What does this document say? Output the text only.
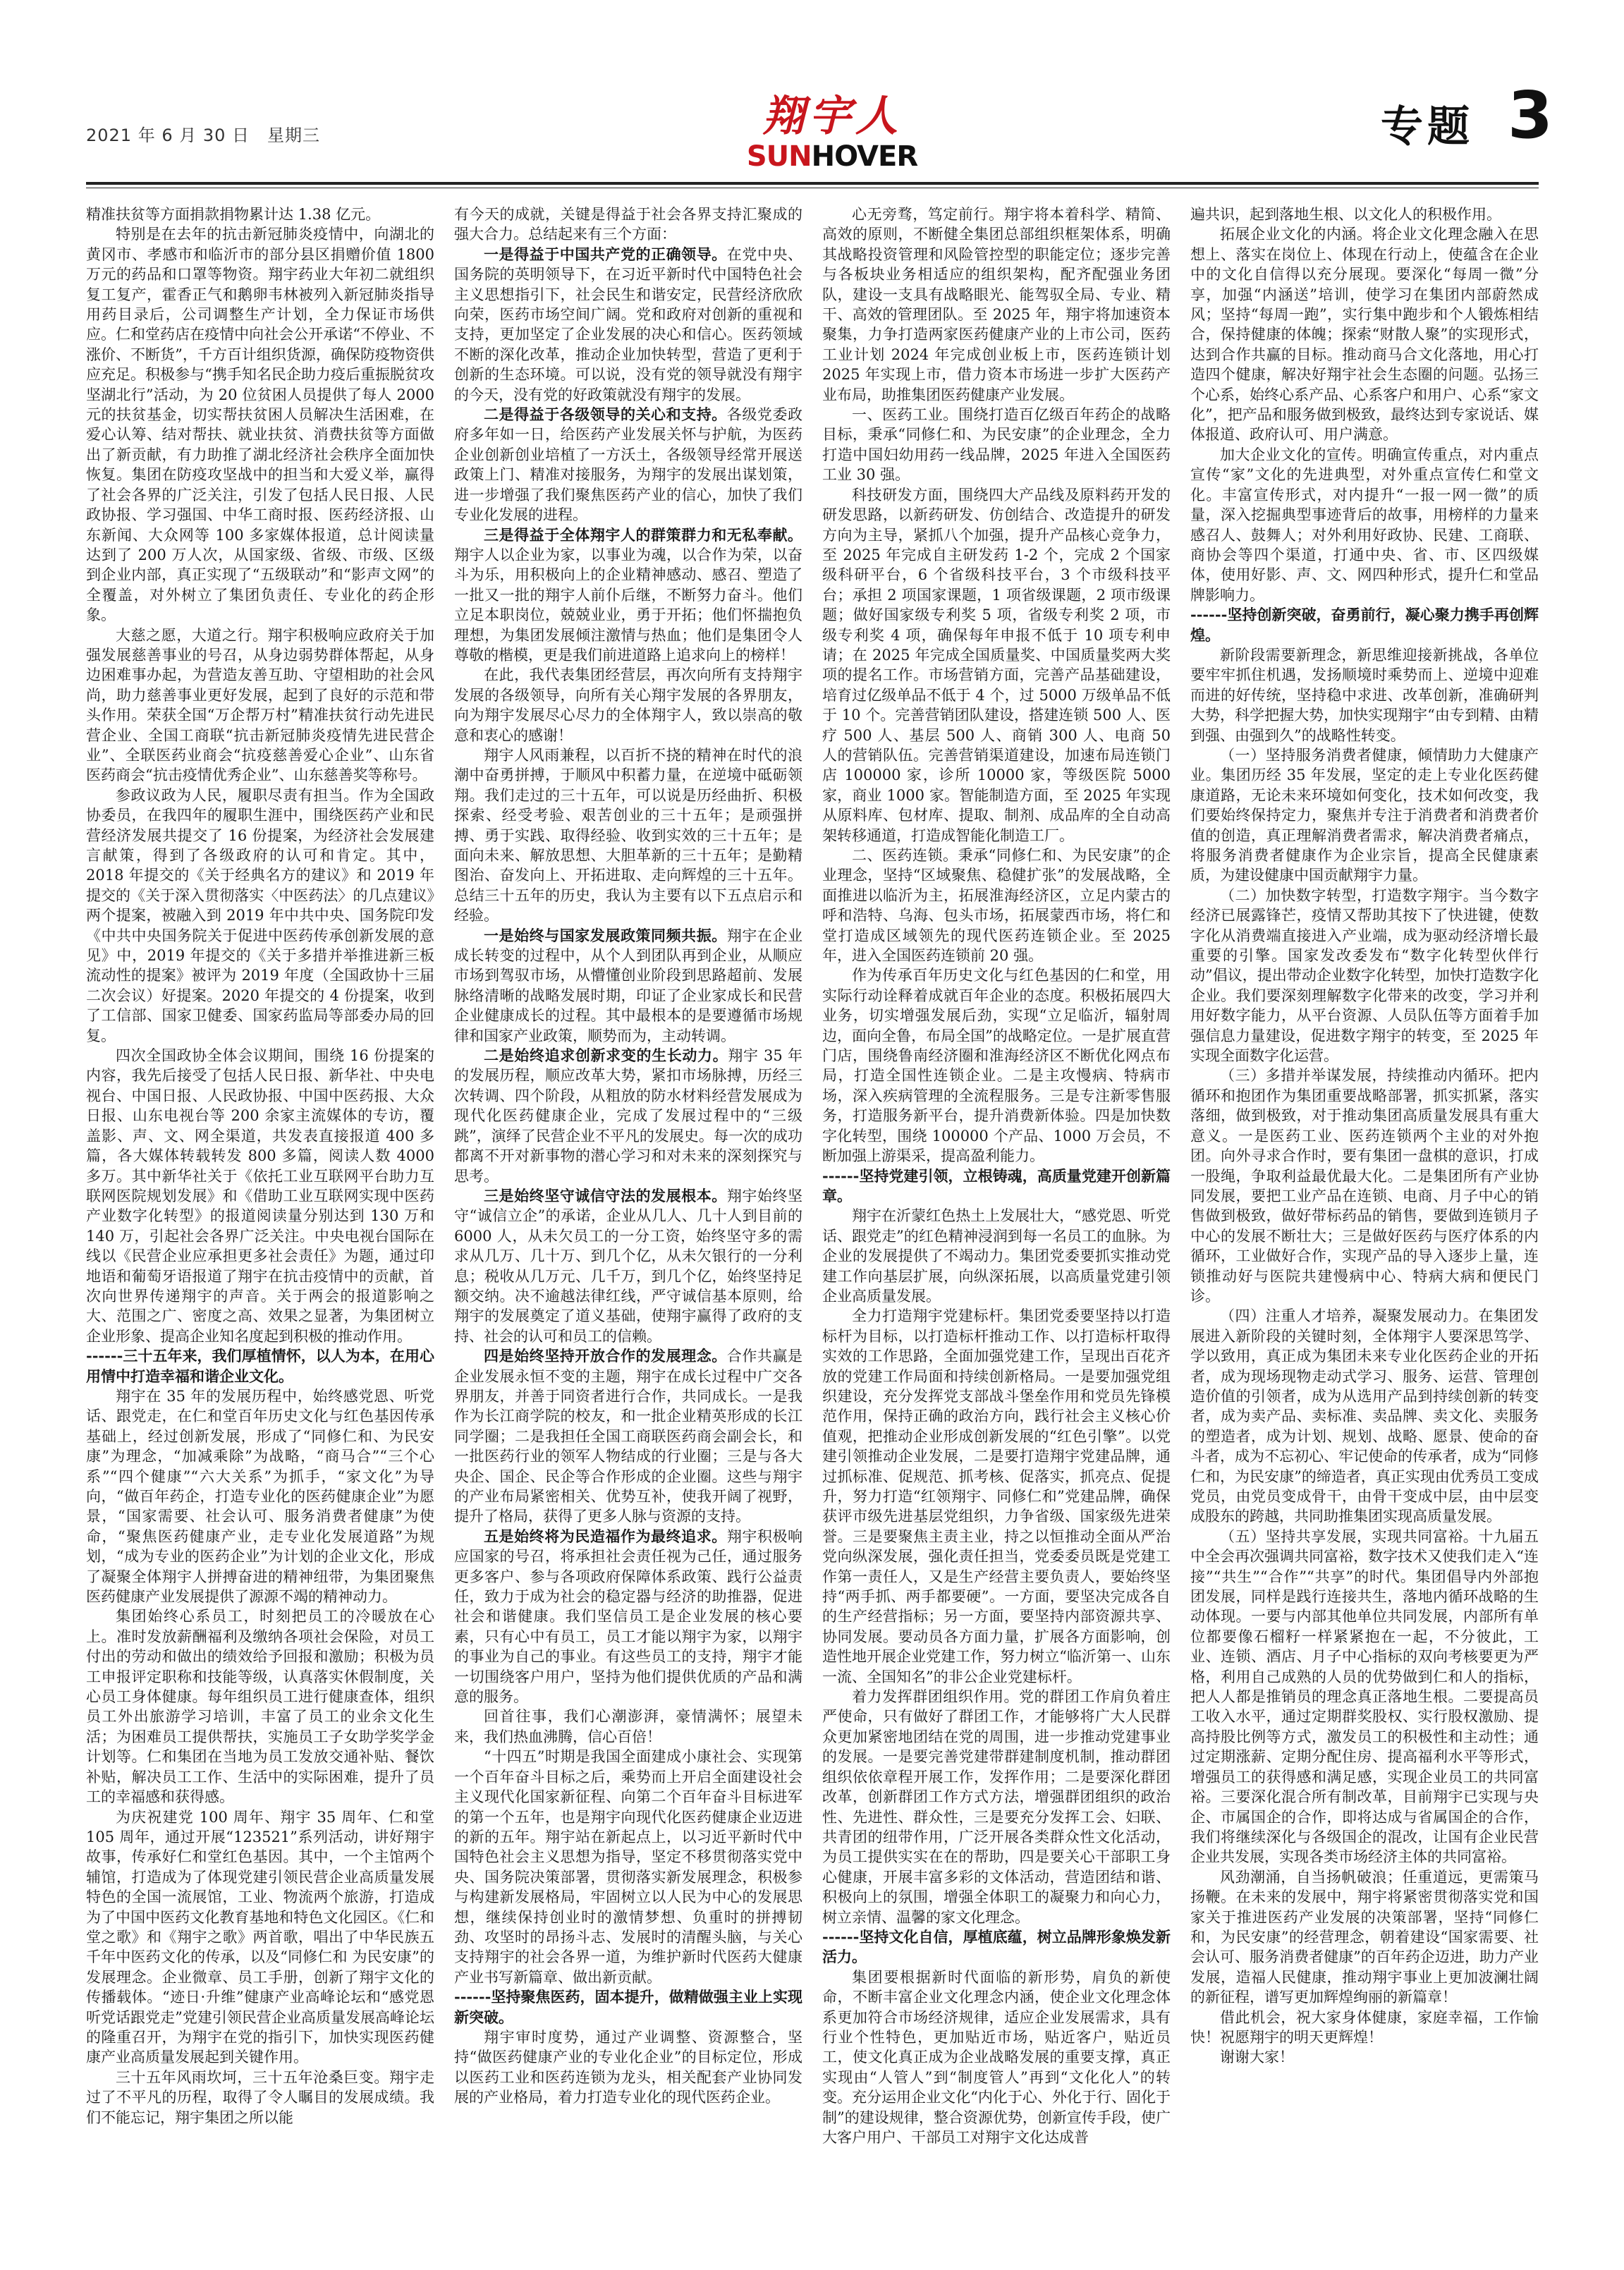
2021 年 6 月 30 日　星期三	翔宇人
SUNHOVER
专题 3

精准扶贫等方面捐款捐物累计达 1.38 亿元。

特别是在去年的抗击新冠肺炎疫情中，向湖北的黄冈市、孝感市和临沂市的部分县区捐赠价值 1800 万元的药品和口罩等物资。翔宇药业大年初二就组织复工复产，霍香正气和鹅卵韦林被列入新冠肺炎指导用药目录后，公司调整生产计划，全力保证市场供应。仁和堂药店在疫情中向社会公开承诺“不停业、不涨价、不断货”，千方百计组织货源，确保防疫物资供应充足。积极参与“携手知名民企助力疫后重振脱贫攻坚湖北行”活动，为 20 位贫困人员提供了每人 2000 元的扶贫基金，切实帮扶贫困人员解决生活困难，在爱心认筹、结对帮扶、就业扶贫、消费扶贫等方面做出了新贡献，有力助推了湖北经济社会秩序全面加快恢复。集团在防疫攻坚战中的担当和大爱义举，赢得了社会各界的广泛关注，引发了包括人民日报、人民政协报、学习强国、中华工商时报、医药经济报、山东新闻、大众网等 100 多家媒体报道，总计阅读量达到了 200 万人次，从国家级、省级、市级、区级到企业内部，真正实现了“五级联动”和“影声文网”的全覆盖，对外树立了集团负责任、专业化的药企形象。

大慈之愿，大道之行。翔宇积极响应政府关于加强发展慈善事业的号召，从身边弱势群体帮起，从身边困难事办起，为营造友善互助、守望相助的社会风尚，助力慈善事业更好发展，起到了良好的示范和带头作用。荣获全国“万企帮万村”精准扶贫行动先进民营企业、全国工商联“抗击新冠肺炎疫情先进民营企业”、全联医药业商会“抗疫慈善爱心企业”、山东省医药商会“抗击疫情优秀企业”、山东慈善奖等称号。

参政议政为人民，履职尽责有担当。作为全国政协委员，在我四年的履职生涯中，围绕医药产业和民营经济发展共提交了 16 份提案，为经济社会发展建言献策，得到了各级政府的认可和肯定。其中，2018 年提交的《关于经典名方的建议》和 2019 年提交的《关于深入贯彻落实〈中医药法〉的几点建议》两个提案，被融入到 2019 年中共中央、国务院印发《中共中央国务院关于促进中医药传承创新发展的意见》中，2019 年提交的《关于多措并举推进新三板流动性的提案》被评为 2019 年度（全国政协十三届二次会议）好提案。2020 年提交的 4 份提案，收到了工信部、国家卫健委、国家药监局等部委办局的回复。

四次全国政协全体会议期间，围绕 16 份提案的内容，我先后接受了包括人民日报、新华社、中央电视台、中国日报、人民政协报、中国中医药报、大众日报、山东电视台等 200 余家主流媒体的专访，覆盖影、声、文、网全渠道，共发表直接报道 400 多篇，各大媒体转载转发 800 多篇，阅读人数 4000 多万。其中新华社关于《依托工业互联网平台助力互联网医院规划发展》和《借助工业互联网实现中医药产业数字化转型》的报道阅读量分别达到 130 万和 140 万，引起社会各界广泛关注。中央电视台国际在线以《民营企业应承担更多社会责任》为题，通过印地语和葡萄牙语报道了翔宇在抗击疫情中的贡献，首次向世界传递翔宇的声音。关于两会的报道影响之大、范围之广、密度之高、效果之显著，为集团树立企业形象、提高企业知名度起到积极的推动作用。

------三十五年来，我们厚植情怀，以人为本，在用心用情中打造幸福和谐企业文化。

翔宇在 35 年的发展历程中，始终感党恩、听党话、跟党走，在仁和堂百年历史文化与红色基因传承基础上，经过创新发展，形成了“同修仁和、为民安康”为理念，“加减乘除”为战略，“商马合”“三个心系”“四个健康”“六大关系”为抓手，“家文化”为导向，“做百年药企，打造专业化的医药健康企业”为愿景，“国家需要、社会认可、服务消费者健康”为使命，“聚焦医药健康产业，走专业化发展道路”为规划，“成为专业的医药企业”为计划的企业文化，形成了凝聚全体翔宇人拼搏奋进的精神纽带，为集团聚焦医药健康产业发展提供了源源不竭的精神动力。

集团始终心系员工，时刻把员工的冷暖放在心上。准时发放薪酬福利及缴纳各项社会保险，对员工付出的劳动和做出的绩效给予回报和激励；积极为员工申报评定职称和技能等级，认真落实休假制度，关心员工身体健康。每年组织员工进行健康查体，组织员工外出旅游学习培训，丰富了员工的业余文化生活；为困难员工提供帮扶，实施员工子女助学奖学金计划等。仁和集团在当地为员工发放交通补贴、餐饮补贴，解决员工工作、生活中的实际困难，提升了员工的幸福感和获得感。

为庆祝建党 100 周年、翔宇 35 周年、仁和堂 105 周年，通过开展“123521”系列活动，讲好翔宇故事，传承好仁和堂红色基因。其中，一个主馆两个辅馆，打造成为了体现党建引领民营企业高质量发展特色的全国一流展馆，工业、物流两个旅游，打造成为了中国中医药文化教育基地和特色文化园区。《仁和堂之歌》和《翔宇之歌》两首歌，唱出了中华民族五千年中医药文化的传承，以及“同修仁和 为民安康”的发展理念。企业微章、员工手册，创新了翔宇文化的传播载体。“迹日·升维”健康产业高峰论坛和“感党恩听党话跟党走”党建引领民营企业高质量发展高峰论坛的隆重召开，为翔宇在党的指引下，加快实现医药健康产业高质量发展起到关键作用。

三十五年风雨坎坷，三十五年沧桑巨变。翔宇走过了不平凡的历程，取得了令人瞩目的发展成绩。我们不能忘记，翔宇集团之所以能

有今天的成就，关键是得益于社会各界支持汇聚成的强大合力。总结起来有三个方面：

一是得益于中国共产党的正确领导。在党中央、国务院的英明领导下，在习近平新时代中国特色社会主义思想指引下，社会民生和谐安定，民营经济欣欣向荣，医药市场空间广阔。党和政府对创新的重视和支持，更加坚定了企业发展的决心和信心。医药领域不断的深化改革，推动企业加快转型，营造了更利于创新的生态环境。可以说，没有党的领导就没有翔宇的今天，没有党的好政策就没有翔宇的发展。

二是得益于各级领导的关心和支持。各级党委政府多年如一日，给医药产业发展关怀与护航，为医药企业创新创业培植了一方沃土，各级领导经常开展送政策上门、精准对接服务，为翔宇的发展出谋划策，进一步增强了我们聚焦医药产业的信心，加快了我们专业化发展的进程。

三是得益于全体翔宇人的群策群力和无私奉献。翔宇人以企业为家，以事业为魂，以合作为荣，以奋斗为乐，用积极向上的企业精神感动、感召、塑造了一批又一批的翔宇人前仆后继，不断努力奋斗。他们立足本职岗位，兢兢业业，勇于开拓；他们怀揣抱负理想，为集团发展倾注激情与热血；他们是集团令人尊敬的楷模，更是我们前进道路上追求向上的榜样！

在此，我代表集团经营层，再次向所有支持翔宇发展的各级领导，向所有关心翔宇发展的各界朋友，向为翔宇发展尽心尽力的全体翔宇人，致以崇高的敬意和衷心的感谢！

翔宇人风雨兼程，以百折不挠的精神在时代的浪潮中奋勇拼搏，于顺风中积蓄力量，在逆境中砥砺领翔。我们走过的三十五年，可以说是历经曲折、积极探索、经受考验、艰苦创业的三十五年；是顽强拼搏、勇于实践、取得经验、收到实效的三十五年；是面向未来、解放思想、大胆革新的三十五年；是勤精图治、奋发向上、开拓进取、走向辉煌的三十五年。总结三十五年的历史，我认为主要有以下五点启示和经验。

一是始终与国家发展政策同频共振。翔宇在企业成长转变的过程中，从个人到团队再到企业，从顺应市场到驾驭市场，从懵懂创业阶段到思路超前、发展脉络清晰的战略发展时期，印证了企业家成长和民营企业健康成长的过程。其中最根本的是要遵循市场规律和国家产业政策，顺势而为，主动转调。

二是始终追求创新求变的生长动力。翔宇 35 年的发展历程，顺应改革大势，紧扣市场脉搏，历经三次转调、四个阶段，从粗放的防水材料经营发展成为现代化医药健康企业，完成了发展过程中的“三级跳”，演绎了民营企业不平凡的发展史。每一次的成功都离不开对新事物的潜心学习和对未来的深刻探究与思考。

三是始终坚守诚信守法的发展根本。翔宇始终坚守“诚信立企”的承诺，企业从几人、几十人到目前的 6000 人，从未欠员工的一分工资，始终坚守多的需求从几万、几十万、到几个亿，从未欠银行的一分利息；税收从几万元、几千万，到几个亿，始终坚持足额交纳。决不逾越法律红线，严守诚信基本原则，给翔宇的发展奠定了道义基础，使翔宇赢得了政府的支持、社会的认可和员工的信赖。

四是始终坚持开放合作的发展理念。合作共赢是企业发展永恒不变的主题，翔宇在成长过程中广交各界朋友，并善于同资者进行合作，共同成长。一是我作为长江商学院的校友，和一批企业精英形成的长江同学圈；二是我担任全国工商联医药商会副会长，和一批医药行业的领军人物结成的行业圈；三是与各大央企、国企、民企等合作形成的企业圈。这些与翔宇的产业布局紧密相关、优势互补，使我开阔了视野，提升了格局，获得了更多人脉与资源的支持。

五是始终将为民造福作为最终追求。翔宇积极响应国家的号召，将承担社会责任视为己任，通过服务更多客户、参与各项政府保障体系政策、践行公益责任，致力于成为社会的稳定器与经济的助推器，促进社会和谐健康。我们坚信员工是企业发展的核心要素，只有心中有员工，员工才能以翔宇为家，以翔宇的事业为自己的事业。有这些员工的支持，翔宇才能一切围绕客户用户，坚持为他们提供优质的产品和满意的服务。

回首往事，我们心潮澎湃，豪情满怀；展望未来，我们热血沸腾，信心百倍！

“十四五”时期是我国全面建成小康社会、实现第一个百年奋斗目标之后，乘势而上开启全面建设社会主义现代化国家新征程、向第二个百年奋斗目标进军的第一个五年，也是翔宇向现代化医药健康企业迈进的新的五年。翔宇站在新起点上，以习近平新时代中国特色社会主义思想为指导，坚定不移贯彻落实党中央、国务院决策部署，贯彻落实新发展理念，积极参与构建新发展格局，牢固树立以人民为中心的发展思想，继续保持创业时的激情梦想、负重时的拼搏韧劲、攻坚时的昂扬斗志、发展时的清醒头脑，与关心支持翔宇的社会各界一道，为维护新时代医药大健康产业书写新篇章、做出新贡献。

------坚持聚焦医药，固本提升，做精做强主业上实现新突破。

翔宇审时度势，通过产业调整、资源整合，坚持“做医药健康产业的专业化企业”的目标定位，形成以医药工业和医药连锁为龙头，相关配套产业协同发展的产业格局，着力打造专业化的现代医药企业。

心无旁骛，笃定前行。翔宇将本着科学、精简、高效的原则，不断健全集团总部组织框架体系，明确其战略投资管理和风险管控型的职能定位；逐步完善与各板块业务相适应的组织架构，配齐配强业务团队，建设一支具有战略眼光、能驾驭全局、专业、精干、高效的管理团队。至 2025 年，翔宇将加速资本聚集，力争打造两家医药健康产业的上市公司，医药工业计划 2024 年完成创业板上市，医药连锁计划 2025 年实现上市，借力资本市场进一步扩大医药产业布局，助推集团医药健康产业发展。

一、医药工业。围绕打造百亿级百年药企的战略目标，秉承“同修仁和、为民安康”的企业理念，全力打造中国妇幼用药一线品牌，2025 年进入全国医药工业 30 强。

科技研发方面，围绕四大产品线及原料药开发的研发思路，以新药研发、仿创结合、改造提升的研发方向为主导，紧抓八个加强，提升产品核心竞争力，至 2025 年完成自主研发药 1-2 个，完成 2 个国家级科研平台，6 个省级科技平台，3 个市级科技平台；承担 2 项国家课题，1 项省级课题，2 项市级课题；做好国家级专利奖 5 项，省级专利奖 2 项，市级专利奖 4 项，确保每年申报不低于 10 项专利申请；在 2025 年完成全国质量奖、中国质量奖两大奖项的提名工作。市场营销方面，完善产品基础建设，培育过亿级单品不低于 4 个，过 5000 万级单品不低于 10 个。完善营销团队建设，搭建连锁 500 人、医疗 500 人、基层 500 人、商销 300 人、电商 50 人的营销队伍。完善营销渠道建设，加速布局连锁门店 100000 家，诊所 10000 家，等级医院 5000 家，商业 1000 家。智能制造方面，至 2025 年实现从原料库、包材库、提取、制剂、成品库的全自动高架转移通道，打造成智能化制造工厂。

二、医药连锁。秉承“同修仁和、为民安康”的企业理念，坚持“区域聚焦、稳健扩张”的发展战略，全面推进以临沂为主，拓展淮海经济区，立足内蒙古的呼和浩特、乌海、包头市场，拓展蒙西市场，将仁和堂打造成区域领先的现代医药连锁企业。至 2025 年，进入全国医药连锁前 20 强。

作为传承百年历史文化与红色基因的仁和堂，用实际行动诠释着成就百年企业的态度。积极拓展四大业务，切实增强发展后劲，实现“立足临沂，辐射周边，面向全鲁，布局全国”的战略定位。一是扩展直营门店，围绕鲁南经济圈和淮海经济区不断优化网点布局，打造全国性连锁企业。二是主攻慢病、特病市场，深入疾病管理的全流程服务。三是专注新零售服务，打造服务新平台，提升消费新体验。四是加快数字化转型，围绕 100000 个产品、1000 万会员，不断加强上游渠采，提高盈利能力。

------坚持党建引领，立根铸魂，高质量党建开创新篇章。

翔宇在沂蒙红色热土上发展壮大，“感党恩、听党话、跟党走”的红色精神浸润到每一名员工的血脉。为企业的发展提供了不竭动力。集团党委要抓实推动党建工作向基层扩展，向纵深拓展，以高质量党建引领企业高质量发展。

全力打造翔宇党建标杆。集团党委要坚持以打造标杆为目标，以打造标杆推动工作、以打造标杆取得实效的工作思路，全面加强党建工作，呈现出百花齐放的党建工作局面和持续创新格局。一是要加强党组织建设，充分发挥党支部战斗堡垒作用和党员先锋模范作用，保持正确的政治方向，践行社会主义核心价值观，把推动企业形成创新发展的“红色引擎”。以党建引领推动企业发展，二是要打造翔宇党建品牌，通过抓标准、促规范、抓考核、促落实，抓亮点、促提升，努力打造“红领翔宇、同修仁和”党建品牌，确保获评市级先进基层党组织，力争省级、国家级先进荣誉。三是要聚焦主责主业，持之以恒推动全面从严治党向纵深发展，强化责任担当，党委委员既是党建工作第一责任人，又是生产经营主要负责人，要始终坚持“两手抓、两手都要硬”。一方面，要坚决完成各自的生产经营指标；另一方面，要坚持内部资源共享、协同发展。要动员各方面力量，扩展各方面影响，创造性地开展企业党建工作，努力树立“临沂第一、山东一流、全国知名”的非公企业党建标杆。

着力发挥群团组织作用。党的群团工作肩负着庄严使命，只有做好了群团工作，才能够将广大人民群众更加紧密地团结在党的周围，进一步推动党建事业的发展。一是要完善党建带群建制度机制，推动群团组织依依章程开展工作，发挥作用；二是要深化群团改革，创新群团工作方式方法，增强群团组织的政治性、先进性、群众性，三是要充分发挥工会、妇联、共青团的纽带作用，广泛开展各类群众性文化活动，为员工提供实实在在的帮助，四是要关心干部职工身心健康，开展丰富多彩的文体活动，营造团结和谐、积极向上的氛围，增强全体职工的凝聚力和向心力，树立亲情、温馨的家文化理念。

------坚持文化自信，厚植底蕴，树立品牌形象焕发新活力。

集团要根据新时代面临的新形势，肩负的新使命，不断丰富企业文化理念内涵，使企业文化理念体系更加符合市场经济规律，适应企业发展需求，具有行业个性特色，更加贴近市场，贴近客户，贴近员工，使文化真正成为企业战略发展的重要支撑，真正实现由“人管人”到“制度管人”再到“文化化人”的转变。充分运用企业文化“内化于心、外化于行、固化于制”的建设规律，整合资源优势，创新宣传手段，使广大客户用户、干部员工对翔宇文化达成普

遍共识，起到落地生根、以文化人的积极作用。

拓展企业文化的内涵。将企业文化理念融入在思想上、落实在岗位上、体现在行动上，使蕴含在企业中的文化自信得以充分展现。要深化“每周一微”分享，加强“内涵送”培训，使学习在集团内部蔚然成风；坚持“每周一跑”，实行集中跑步和个人锻炼相结合，保持健康的体魄；探索“财散人聚”的实现形式，达到合作共赢的目标。推动商马合文化落地，用心打造四个健康，解决好翔宇社会生态圈的问题。弘扬三个心系，始终心系产品、心系客户和用户、心系“家文化”，把产品和服务做到极致，最终达到专家说话、媒体报道、政府认可、用户满意。

加大企业文化的宣传。明确宣传重点，对内重点宣传“家”文化的先进典型，对外重点宣传仁和堂文化。丰富宣传形式，对内提升“一报一网一微”的质量，深入挖掘典型事迹背后的故事，用榜样的力量来感召人、鼓舞人；对外利用好政协、民建、工商联、商协会等四个渠道，打通中央、省、市、区四级媒体，使用好影、声、文、网四种形式，提升仁和堂品牌影响力。

------坚持创新突破，奋勇前行，凝心聚力携手再创辉煌。

新阶段需要新理念，新思维迎接新挑战，各单位要牢牢抓住机遇，发扬顺境时乘势而上、逆境中迎难而进的好传统，坚持稳中求进、改革创新，准确研判大势，科学把握大势，加快实现翔宇“由专到精、由精到强、由强到久”的战略性转变。

（一）坚持服务消费者健康，倾情助力大健康产业。集团历经 35 年发展，坚定的走上专业化医药健康道路，无论未来环境如何变化，技术如何改变，我们要始终保持定力，聚焦并专注于消费者和消费者价值的创造，真正理解消费者需求，解决消费者痛点，将服务消费者健康作为企业宗旨，提高全民健康素质，为建设健康中国贡献翔宇力量。

（二）加快数字转型，打造数字翔宇。当今数字经济已展露锋芒，疫情又帮助其按下了快进键，使数字化从消费端直接进入产业端，成为驱动经济增长最重要的引擎。国家发改委发布“数字化转型伙伴行动”倡议，提出带动企业数字化转型，加快打造数字化企业。我们要深刻理解数字化带来的改变，学习并利用好数字能力，从平台资源、人员队伍等方面着手加强信息力量建设，促进数字翔宇的转变，至 2025 年实现全面数字化运营。

（三）多措并举谋发展，持续推动内循环。把内循环和抱团作为集团重要战略部署，抓实抓紧，落实落细，做到极致，对于推动集团高质量发展具有重大意义。一是医药工业、医药连锁两个主业的对外抱团。向外寻求合作时，要有集团一盘棋的意识，打成一股绳，争取利益最优最大化。二是集团所有产业协同发展，要把工业产品在连锁、电商、月子中心的销售做到极致，做好带标药品的销售，要做到连锁月子中心的发展不断壮大；三是做好医药与医疗体系的内循环，工业做好合作，实现产品的导入逐步上量，连锁推动好与医院共建慢病中心、特病大病和便民门诊。

（四）注重人才培养，凝聚发展动力。在集团发展进入新阶段的关键时刻，全体翔宇人要深思笃学、学以致用，真正成为集团未来专业化医药企业的开拓者，成为现场现物走动式学习、服务、运营、管理创造价值的引领者，成为从选用产品到持续创新的转变者，成为卖产品、卖标准、卖品牌、卖文化、卖服务的塑造者，成为计划、规划、战略、愿景、使命的奋斗者，成为不忘初心、牢记使命的传承者，成为“同修仁和，为民安康”的缔造者，真正实现由优秀员工变成党员，由党员变成骨干，由骨干变成中层，由中层变成股东的跨越，共同助推集团实现高质量发展。

（五）坚持共享发展，实现共同富裕。十九届五中全会再次强调共同富裕，数字技术又使我们走入“连接”“共生”“合作”“共享”的时代。集团倡导内外部抱团发展，同样是践行连接共生，落地内循环战略的生动体现。一要与内部其他单位共同发展，内部所有单位都要像石榴籽一样紧紧抱在一起，不分彼此，工业、连锁、酒店、月子中心指标的双向考核要更为严格，利用自己成熟的人员的优势做到仁和人的指标，把人人都是推销员的理念真正落地生根。二要提高员工收入水平，通过定期群奖股权、实行股权激励、提高持股比例等方式，激发员工的积极性和主动性；通过定期涨薪、定期分配住房、提高福利水平等形式，增强员工的获得感和满足感，实现企业员工的共同富裕。三要深化混合所有制改革，目前翔宇已实现与央企、市属国企的合作，即将达成与省属国企的合作，我们将继续深化与各级国企的混改，让国有企业民营企业共发展，实现各类市场经济主体的共同富裕。

风劲潮涌，自当扬帆破浪；任重道远，更需策马扬鞭。在未来的发展中，翔宇将紧密贯彻落实党和国家关于推进医药产业发展的决策部署，坚持“同修仁和，为民安康”的经营理念，朝着建设“国家需要、社会认可、服务消费者健康”的百年药企迈进，助力产业发展，造福人民健康，推动翔宇事业上更加波澜壮阔的新征程，谱写更加辉煌绚丽的新篇章！

借此机会，祝大家身体健康，家庭幸福，工作愉快！祝愿翔宇的明天更辉煌！

谢谢大家！
